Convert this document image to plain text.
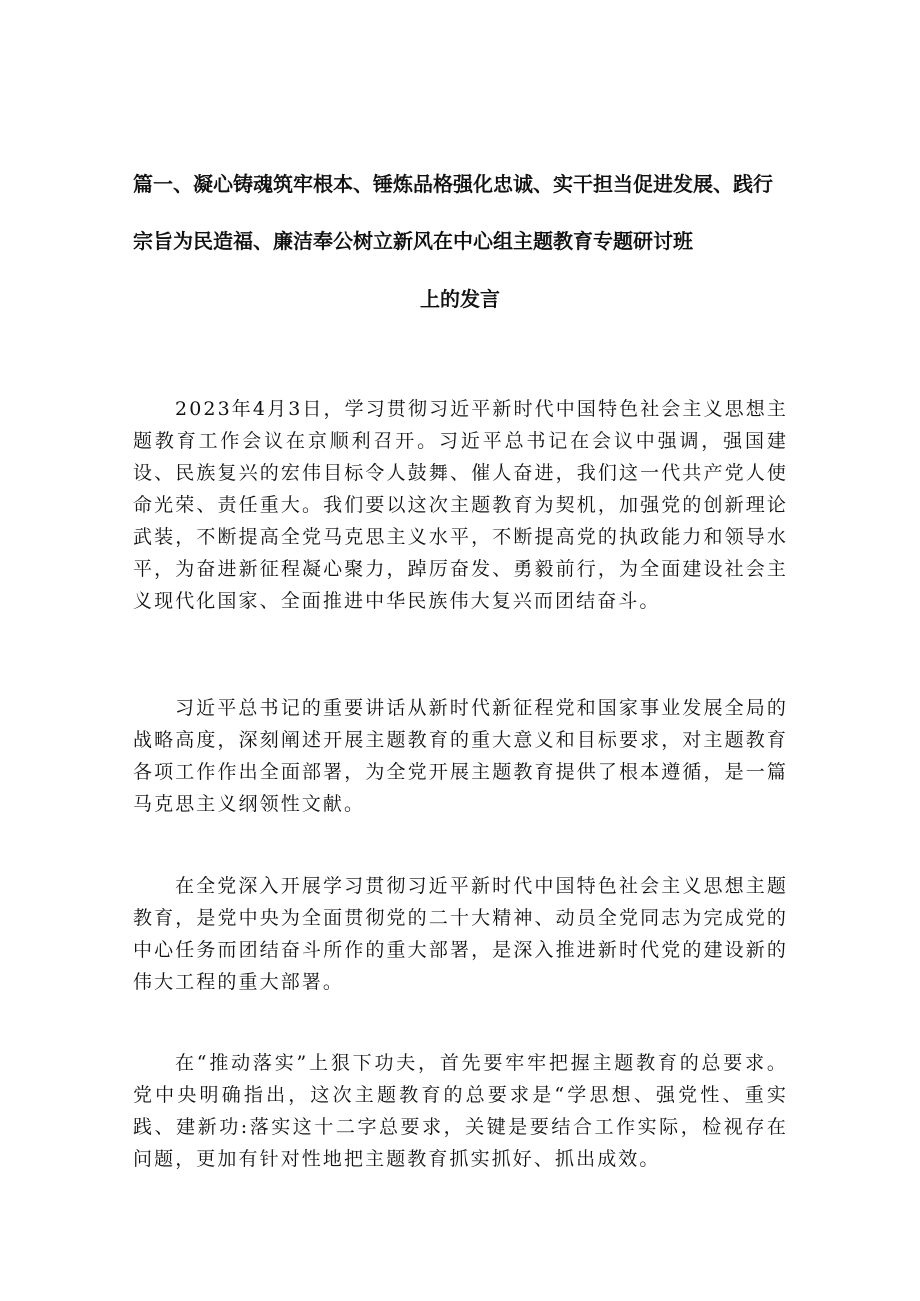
篇一、凝心铸魂筑牢根本、锤炼品格强化忠诚、实干担当促进发展、践行
宗旨为民造福、廉洁奉公树立新风在中心组主题教育专题研讨班
上的发言

2023年4月3日，学习贯彻习近平新时代中国特色社会主义思想主题教育工作会议在京顺利召开。习近平总书记在会议中强调，强国建设、民族复兴的宏伟目标令人鼓舞、催人奋进，我们这一代共产党人使命光荣、责任重大。我们要以这次主题教育为契机，加强党的创新理论武装，不断提高全党马克思主义水平，不断提高党的执政能力和领导水平，为奋进新征程凝心聚力，踔厉奋发、勇毅前行，为全面建设社会主义现代化国家、全面推进中华民族伟大复兴而团结奋斗。

习近平总书记的重要讲话从新时代新征程党和国家事业发展全局的战略高度，深刻阐述开展主题教育的重大意义和目标要求，对主题教育各项工作作出全面部署，为全党开展主题教育提供了根本遵循，是一篇马克思主义纲领性文献。

在全党深入开展学习贯彻习近平新时代中国特色社会主义思想主题教育，是党中央为全面贯彻党的二十大精神、动员全党同志为完成党的中心任务而团结奋斗所作的重大部署，是深入推进新时代党的建设新的伟大工程的重大部署。

在“推动落实”上狠下功夫，首先要牢牢把握主题教育的总要求。党中央明确指出，这次主题教育的总要求是“学思想、强党性、重实践、建新功:落实这十二字总要求，关键是要结合工作实际，检视存在问题，更加有针对性地把主题教育抓实抓好、抓出成效。
